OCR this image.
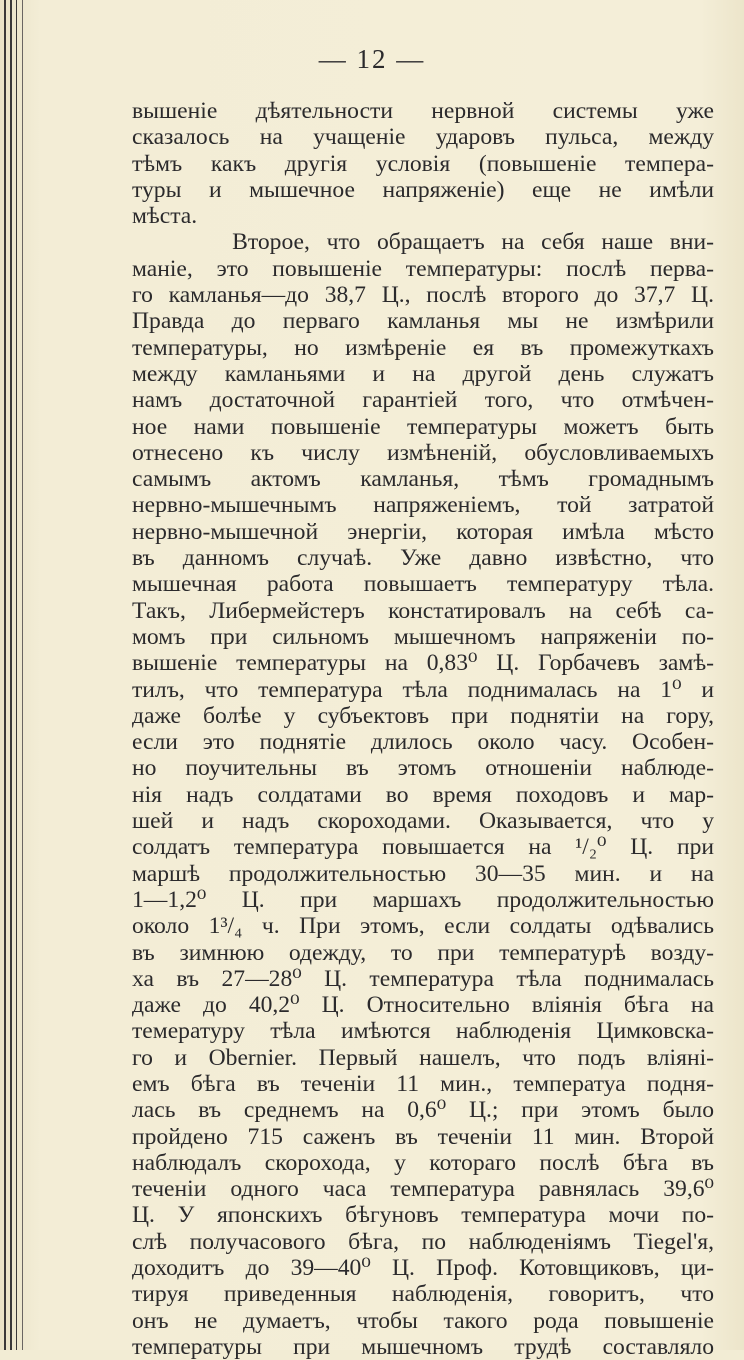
— 12 —
вышеніе дѣятельности нервной системы уже
сказалось на учащеніе ударовъ пульса, между
тѣмъ какъ другія условія (повышеніе темпера-
туры и мышечное напряженіе) еще не имѣли
мѣста.
Второе, что обращаетъ на себя наше вни-
маніе, это повышеніе температуры: послѣ перва-
го камланья—до 38,7 Ц., послѣ второго до 37,7 Ц.
Правда до перваго камланья мы не измѣрили
температуры, но измѣреніе ея въ промежуткахъ
между камланьями и на другой день служатъ
намъ достаточной гарантіей того, что отмѣчен-
ное нами повышеніе температуры можетъ быть
отнесено къ числу измѣненій, обусловливаемыхъ
самымъ актомъ камланья, тѣмъ громаднымъ
нервно-мышечнымъ напряженіемъ, той затратой
нервно-мышечной энергіи, которая имѣла мѣсто
въ данномъ случаѣ. Уже давно извѣстно, что
мышечная работа повышаетъ температуру тѣла.
Такъ, Либермейстеръ констатировалъ на себѣ са-
момъ при сильномъ мышечномъ напряженіи по-
вышеніе температуры на 0,83⁰ Ц. Горбачевъ замѣ-
тилъ, что температура тѣла поднималась на 1⁰ и
даже болѣе у субъектовъ при поднятіи на гору,
если это поднятіе длилось около часу. Особен-
но поучительны въ этомъ отношеніи наблюде-
нія надъ солдатами во время походовъ и мар-
шей и надъ скороходами. Оказывается, что у
солдатъ температура повышается на ¹/₂⁰ Ц. при
маршѣ продолжительностью 30—35 мин. и на
1—1,2⁰ Ц. при маршахъ продолжительностью
около 1³/₄ ч. При этомъ, если солдаты одѣвались
въ зимнюю одежду, то при температурѣ возду-
ха въ 27—28⁰ Ц. температура тѣла поднималась
даже до 40,2⁰ Ц. Относительно вліянія бѣга на
тeмературу тѣла имѣются наблюденія Цимковска-
го и Obernier. Первый нашелъ, что подъ вліяні-
емъ бѣга въ теченіи 11 мин., температуа подня-
лась въ среднемъ на 0,6⁰ Ц.; при этомъ было
пройдено 715 саженъ въ теченіи 11 мин. Второй
наблюдалъ скорохода, у котораго послѣ бѣга въ
теченіи одного часа температура равнялась 39,6⁰
Ц. У японскихъ бѣгуновъ температура мочи по-
слѣ получасового бѣга, по наблюденіямъ Tiegel'я,
доходитъ до 39—40⁰ Ц. Проф. Котовщиковъ, ци-
тируя приведенныя наблюденія, говоритъ, что
онъ не думаетъ, чтобы такого рода повышеніе
температуры при мышечномъ трудѣ составляло
